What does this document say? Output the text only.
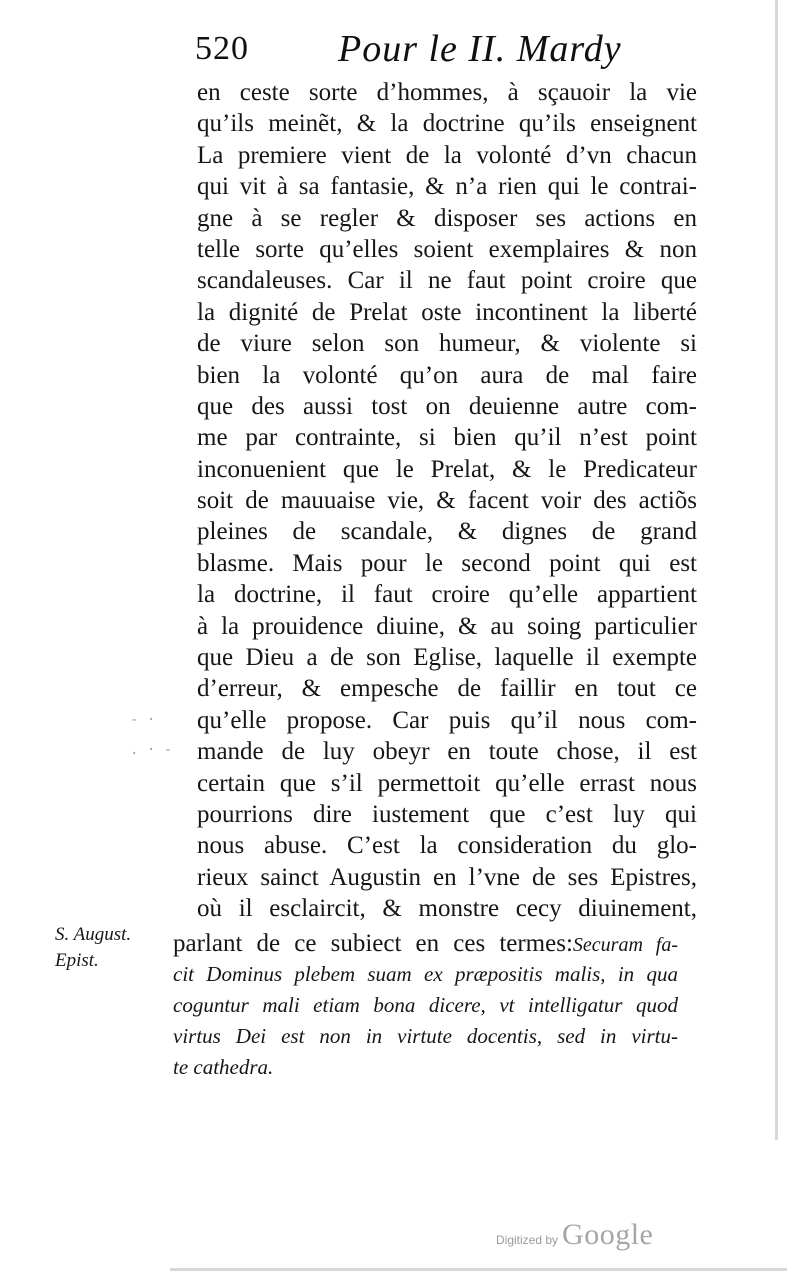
520 Pour le II. Mardy
en ceste sorte d’hommes, à sçauoir la vie
qu’ils meinẽt, & la doctrine qu’ils enseignent
La premiere vient de la volonté d’vn chacun
qui vit à sa fantasie, & n’a rien qui le contrai-
gne à se regler & disposer ses actions en
telle sorte qu’elles soient exemplaires & non
scandaleuses. Car il ne faut point croire que
la dignité de Prelat oste incontinent la liberté
de viure selon son humeur, & violente si
bien la volonté qu’on aura de mal faire
que des aussi tost on deuienne autre com-
me par contrainte, si bien qu’il n’est point
inconuenient que le Prelat, & le Predicateur
soit de mauuaise vie, & facent voir des actiõs
pleines de scandale, & dignes de grand
blasme. Mais pour le second point qui est
la doctrine, il faut croire qu’elle appartient
à la prouidence diuine, & au soing particulier
que Dieu a de son Eglise, laquelle il exempte
d’erreur, & empesche de faillir en tout ce
qu’elle propose. Car puis qu’il nous com-
mande de luy obeyr en toute chose, il est
certain que s’il permettoit qu’elle errast nous
pourrions dire iustement que c’est luy qui
nous abuse. C’est la consideration du glo-
rieux sainct Augustin en l’vne de ses Epistres,
où il esclaircit, & monstre cecy diuinement,
S. August.
Epist.
parlant de ce subiect en ces termes:Securam fa-
cit Dominus plebem suam ex præpositis malis, in qua
coguntur mali etiam bona dicere, vt intelligatur quod
virtus Dei est non in virtute docentis, sed in virtu-
te cathedra.
- ·
. · -
Digitized by Google
